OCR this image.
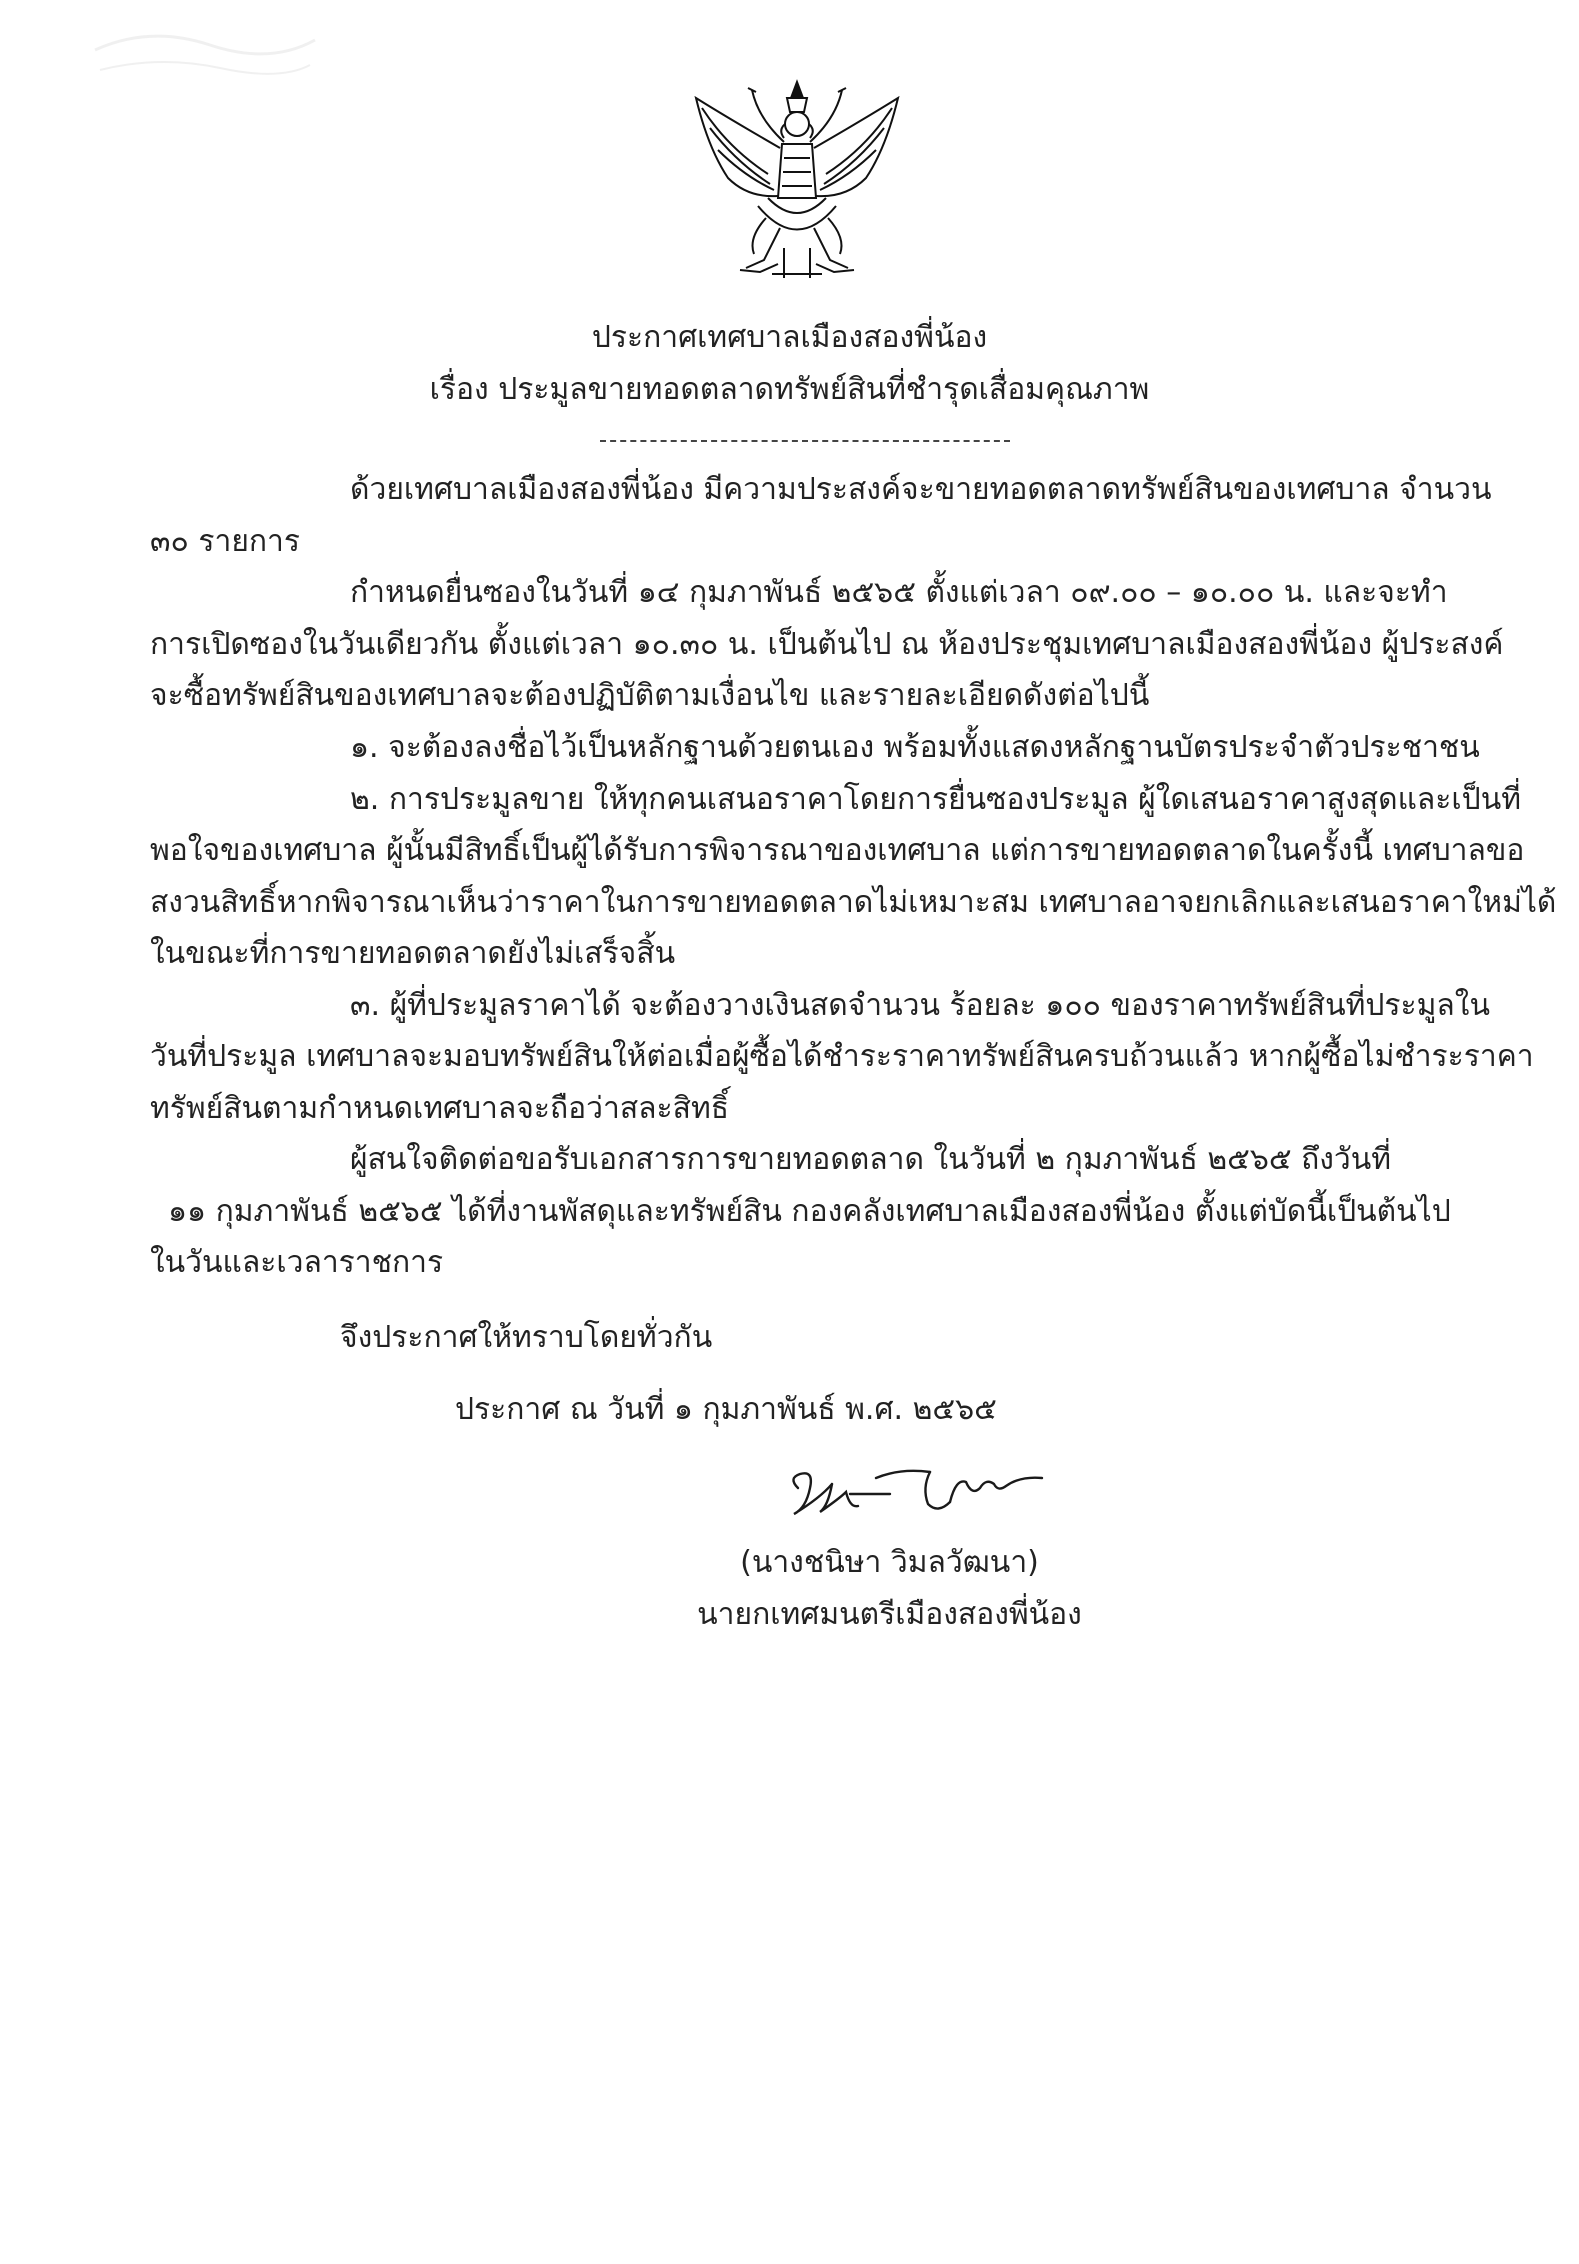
ประกาศเทศบาลเมืองสองพี่น้อง
เรื่อง ประมูลขายทอดตลาดทรัพย์สินที่ชำรุดเสื่อมคุณภาพ
ด้วยเทศบาลเมืองสองพี่น้อง มีความประสงค์จะขายทอดตลาดทรัพย์สินของเทศบาล จำนวน
๓๐ รายการ
กำหนดยื่นซองในวันที่ ๑๔ กุมภาพันธ์ ๒๕๖๕ ตั้งแต่เวลา ๐๙.๐๐ – ๑๐.๐๐ น. และจะทำ
การเปิดซองในวันเดียวกัน ตั้งแต่เวลา ๑๐.๓๐ น. เป็นต้นไป ณ ห้องประชุมเทศบาลเมืองสองพี่น้อง ผู้ประสงค์
จะซื้อทรัพย์สินของเทศบาลจะต้องปฏิบัติตามเงื่อนไข และรายละเอียดดังต่อไปนี้
๑. จะต้องลงชื่อไว้เป็นหลักฐานด้วยตนเอง พร้อมทั้งแสดงหลักฐานบัตรประจำตัวประชาชน
๒. การประมูลขาย ให้ทุกคนเสนอราคาโดยการยื่นซองประมูล ผู้ใดเสนอราคาสูงสุดและเป็นที่
พอใจของเทศบาล ผู้นั้นมีสิทธิ์เป็นผู้ได้รับการพิจารณาของเทศบาล แต่การขายทอดตลาดในครั้งนี้ เทศบาลขอ
สงวนสิทธิ์หากพิจารณาเห็นว่าราคาในการขายทอดตลาดไม่เหมาะสม เทศบาลอาจยกเลิกและเสนอราคาใหม่ได้
ในขณะที่การขายทอดตลาดยังไม่เสร็จสิ้น
๓. ผู้ที่ประมูลราคาได้ จะต้องวางเงินสดจำนวน ร้อยละ ๑๐๐ ของราคาทรัพย์สินที่ประมูลใน
วันที่ประมูล เทศบาลจะมอบทรัพย์สินให้ต่อเมื่อผู้ซื้อได้ชำระราคาทรัพย์สินครบถ้วนแล้ว หากผู้ซื้อไม่ชำระราคา
ทรัพย์สินตามกำหนดเทศบาลจะถือว่าสละสิทธิ์
ผู้สนใจติดต่อขอรับเอกสารการขายทอดตลาด ในวันที่ ๒ กุมภาพันธ์ ๒๕๖๕ ถึงวันที่
๑๑ กุมภาพันธ์ ๒๕๖๕ ได้ที่งานพัสดุและทรัพย์สิน กองคลังเทศบาลเมืองสองพี่น้อง ตั้งแต่บัดนี้เป็นต้นไป
ในวันและเวลาราชการ
จึงประกาศให้ทราบโดยทั่วกัน
ประกาศ ณ วันที่ ๑ กุมภาพันธ์ พ.ศ. ๒๕๖๕
(นางชนิษา วิมลวัฒนา)
นายกเทศมนตรีเมืองสองพี่น้อง
